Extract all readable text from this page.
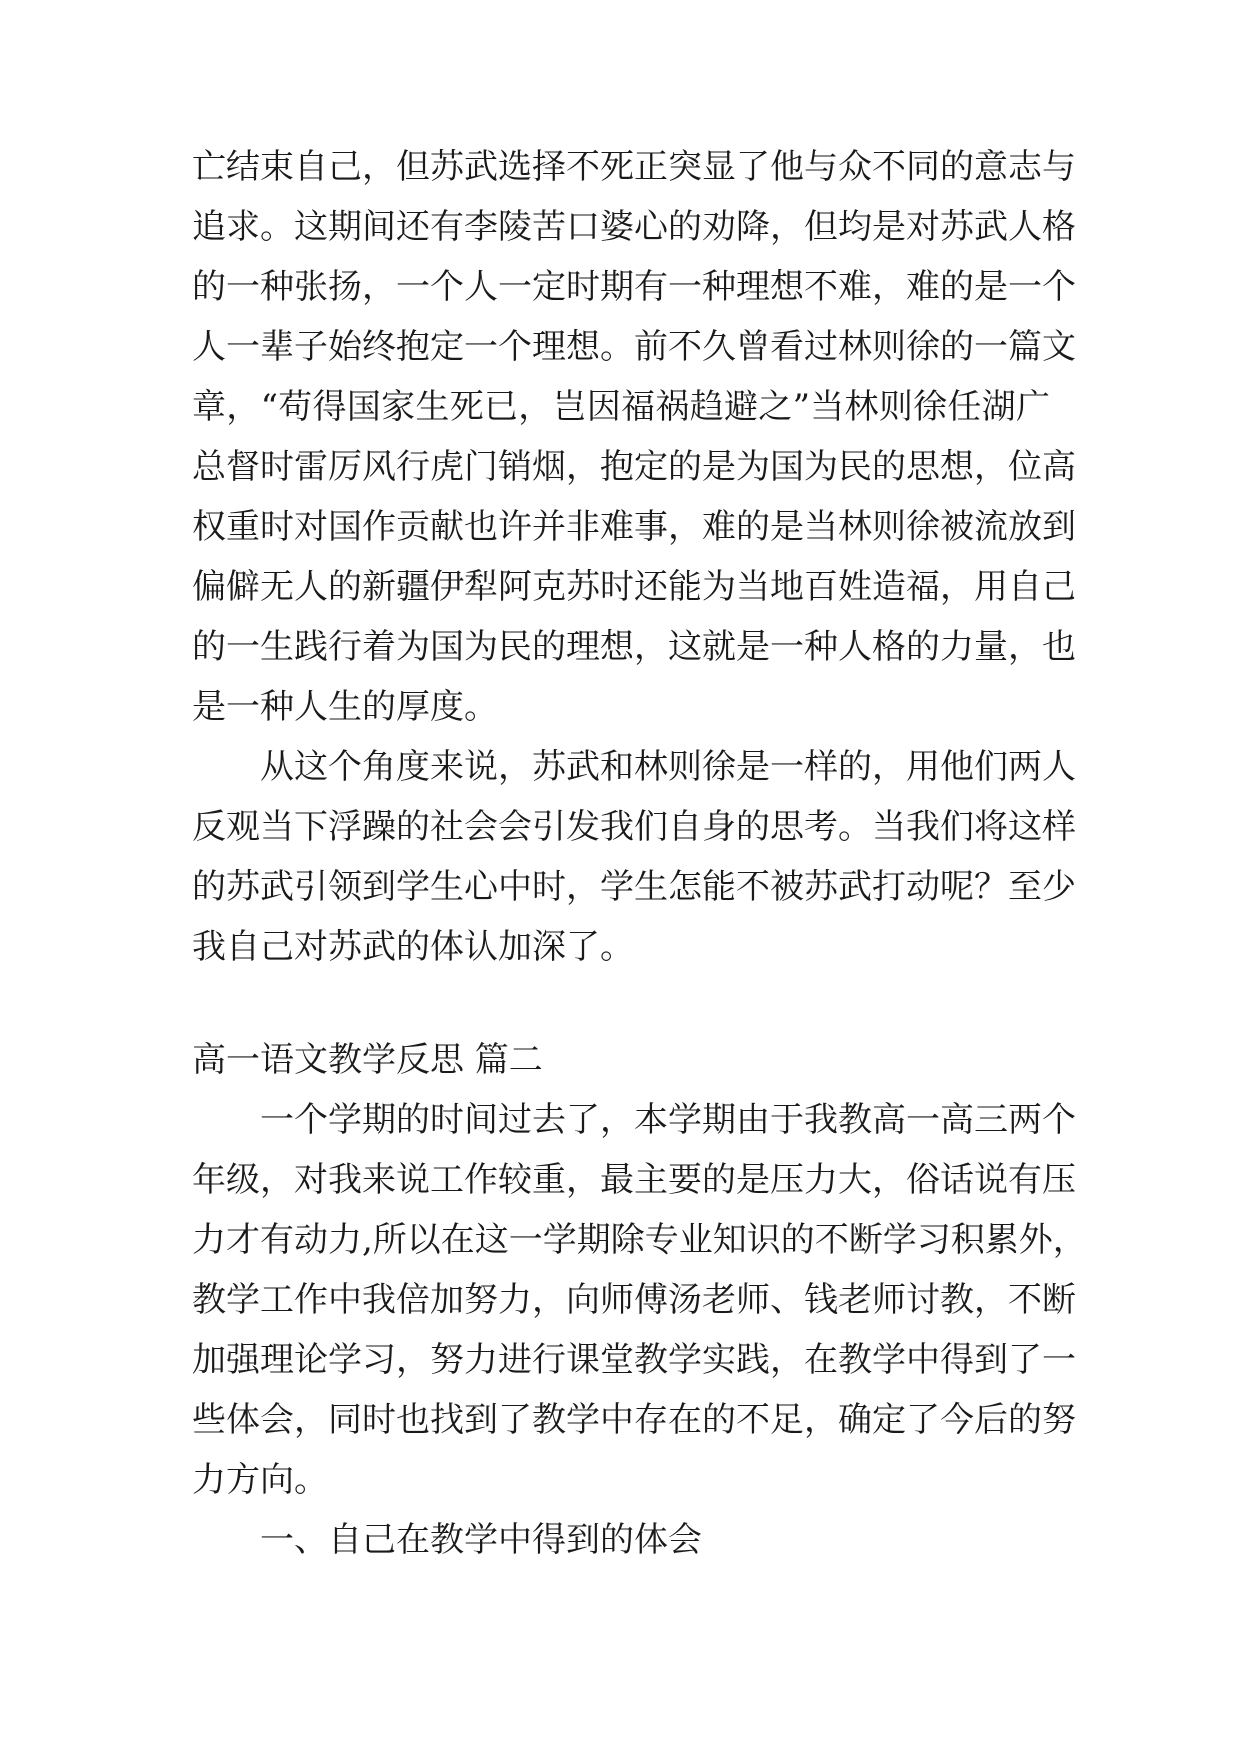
亡结束自己，但苏武选择不死正突显了他与众不同的意志与
追求。这期间还有李陵苦口婆心的劝降，但均是对苏武人格
的一种张扬，一个人一定时期有一种理想不难，难的是一个
人一辈子始终抱定一个理想。前不久曾看过林则徐的一篇文
章，“苟得国家生死已，岂因福祸趋避之”当林则徐任湖广
总督时雷厉风行虎门销烟，抱定的是为国为民的思想，位高
权重时对国作贡献也许并非难事，难的是当林则徐被流放到
偏僻无人的新疆伊犁阿克苏时还能为当地百姓造福，用自己
的一生践行着为国为民的理想，这就是一种人格的力量，也
是一种人生的厚度。
从这个角度来说，苏武和林则徐是一样的，用他们两人
反观当下浮躁的社会会引发我们自身的思考。当我们将这样
的苏武引领到学生心中时，学生怎能不被苏武打动呢？至少
我自己对苏武的体认加深了。
高一语文教学反思 篇二
一个学期的时间过去了，本学期由于我教高一高三两个
年级，对我来说工作较重，最主要的是压力大，俗话说有压
力才有动力,所以在这一学期除专业知识的不断学习积累外，
教学工作中我倍加努力，向师傅汤老师、钱老师讨教，不断
加强理论学习，努力进行课堂教学实践，在教学中得到了一
些体会，同时也找到了教学中存在的不足，确定了今后的努
力方向。
一、自己在教学中得到的体会
